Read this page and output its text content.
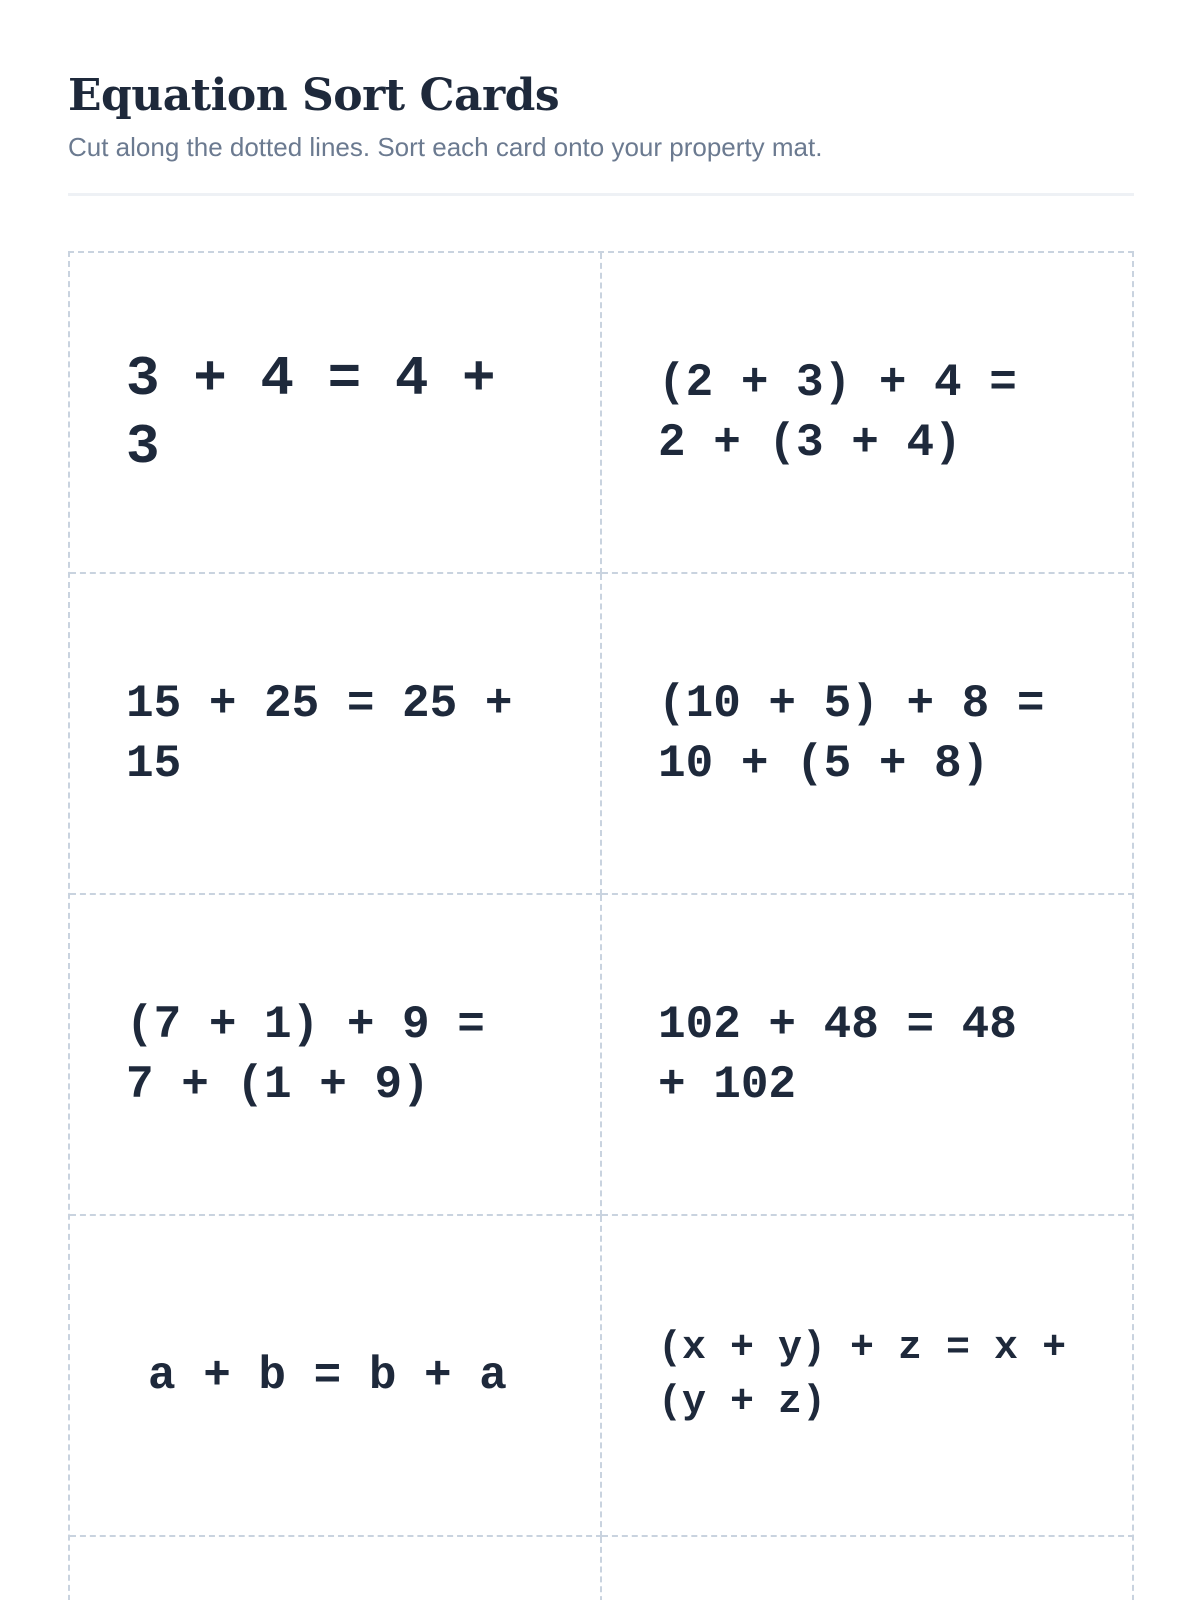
Equation Sort Cards

Cut along the dotted lines. Sort each card onto your property mat.

3 + 4 = 4 +
3
(2 + 3) + 4 =
2 + (3 + 4)
15 + 25 = 25 +
15
(10 + 5) + 8 =
10 + (5 + 8)
(7 + 1) + 9 =
7 + (1 + 9)
102 + 48 = 48
+ 102
a + b = b + a
(x + y) + z = x +
(y + z)
